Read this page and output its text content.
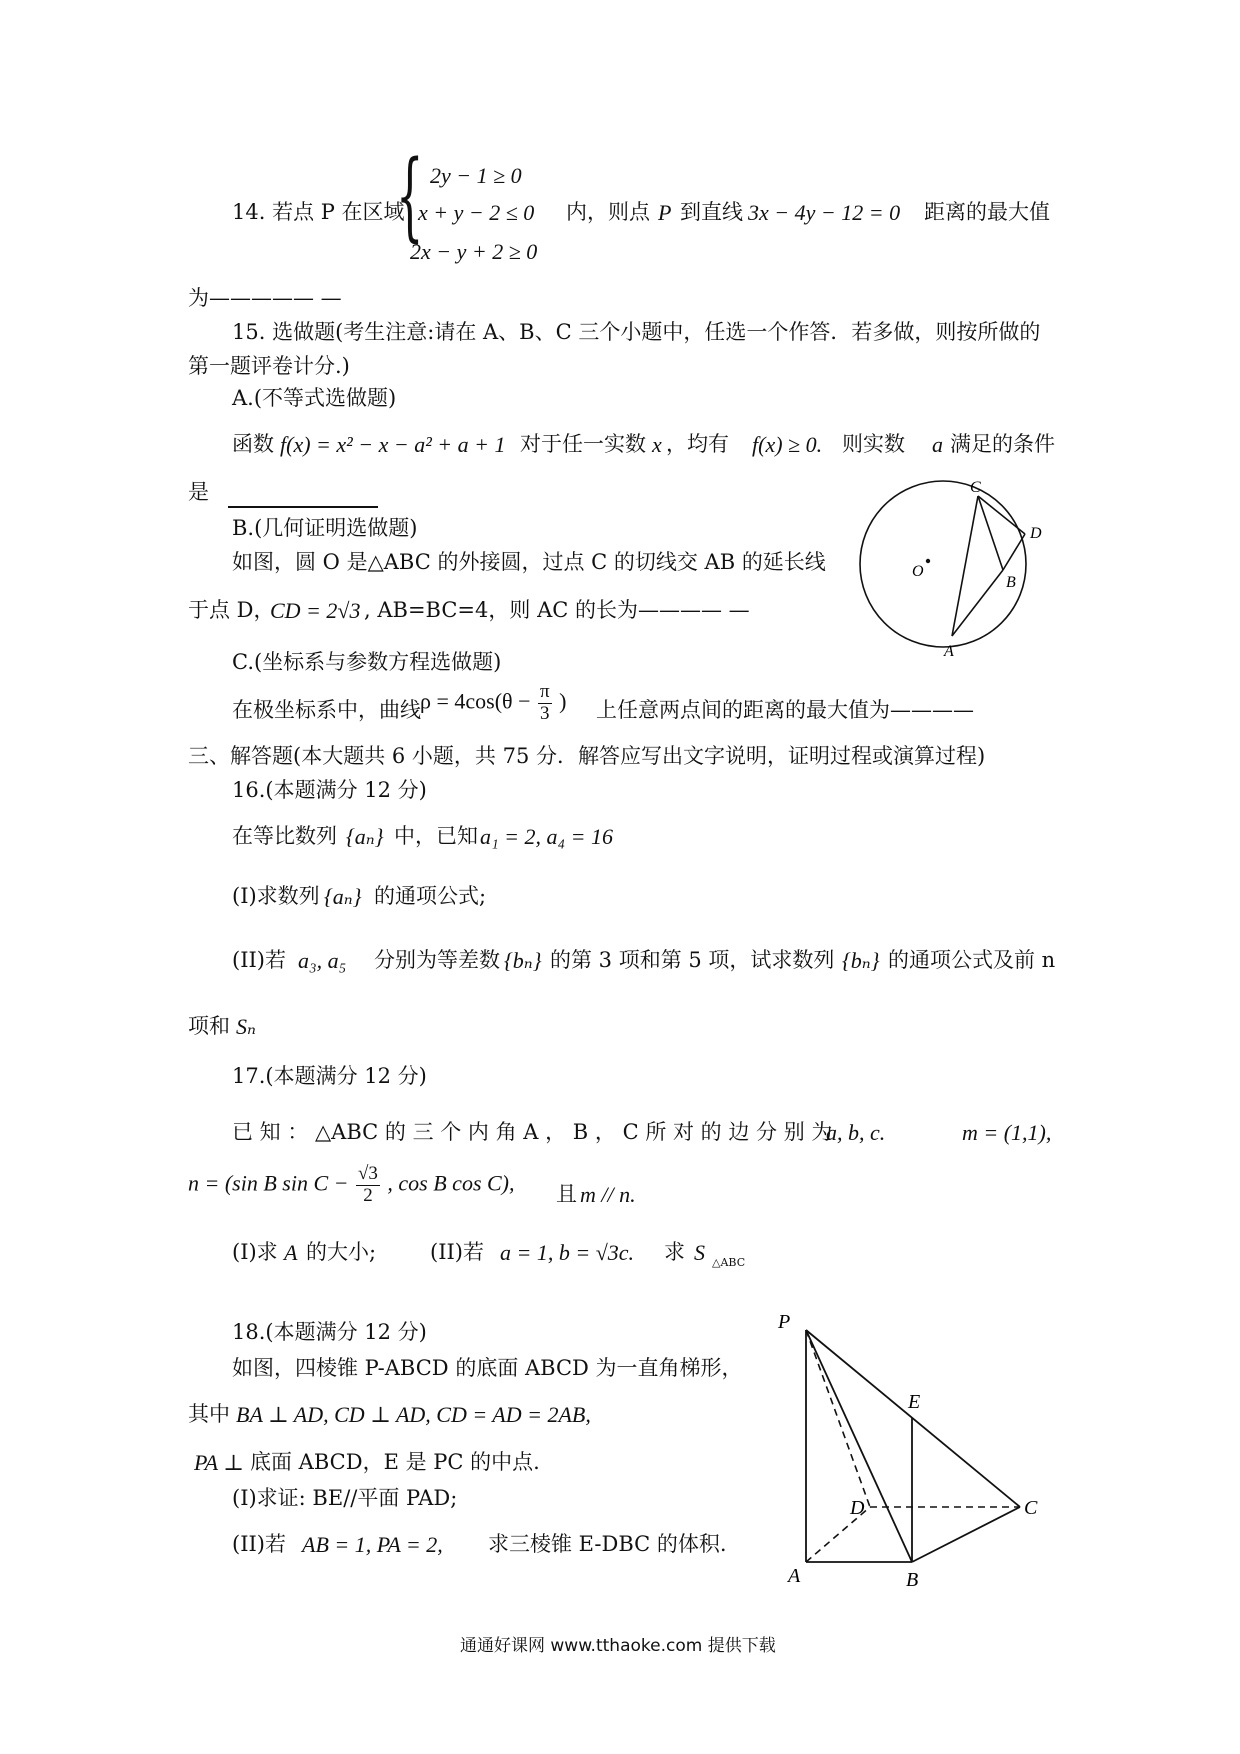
14. 若点 P 在区域
{ 2y − 1 ≥ 0
x + y − 2 ≤ 0
2x − y + 2 ≥ 0
内，则点 P 到直线 3x − 4y − 12 = 0 距离的最大值
为————— —
15. 选做题(考生注意:请在 A、B、C 三个小题中，任选一个作答．若多做，则按所做的
第一题评卷计分.)
A.(不等式选做题)
函数 f(x) = x² − x − a² + a + 1 对于任一实数 x ，均有 f(x) ≥ 0. 则实数 a 满足的条件
是
B.(几何证明选做题)
如图，圆 O 是△ABC 的外接圆，过点 C 的切线交 AB 的延长线
于点 D，
CD = 2√3 , AB=BC=4，则 AC 的长为———— —
C.(坐标系与参数方程选做题)
在极坐标系中，曲线 $\rho = 4\cos(\theta - \frac{\pi}{3}$ ) 上任意两点间的距离的最大值为————
C
D
O
B
A
三、解答题(本大题共 6 小题，共 75 分．解答应写出文字说明，证明过程或演算过程)
16.(本题满分 12 分)
在等比数列 {aₙ} 中，已知 a₁ = 2, a₄ = 16
(I)求数列 {aₙ} 的通项公式;
(II)若 a₃, a₅ 分别为等差数 {bₙ} 的第 3 项和第 5 项，试求数列 {bₙ} 的通项公式及前 n
项和 Sₙ
17.(本题满分 12 分)
已 知 ： △ABC 的 三 个 内 角 A ， B ， C 所 对 的 边 分 别 为
a, b, c.	m = (1,1),
n = (sin B $\sin C - \frac{√3}{2}$ , cos B cos C), 且 m // n.
(I)求 A 的大小;	(II)若 a = 1, b = √3c. 求 S △ABC
18.(本题满分 12 分)
如图，四棱锥 P-ABCD 的底面 ABCD 为一直角梯形，
其中 BA ⊥ AD, CD ⊥ AD, CD = AD = 2AB,
PA ⊥ 底面 ABCD，E 是 PC 的中点.
(I)求证: BE//平面 PAD;
(II)若 AB = 1, PA = 2, 求三棱锥 E-DBC 的体积.
P
E
D	C
A	B
通通好课网 www.tthaoke.com 提供下载
